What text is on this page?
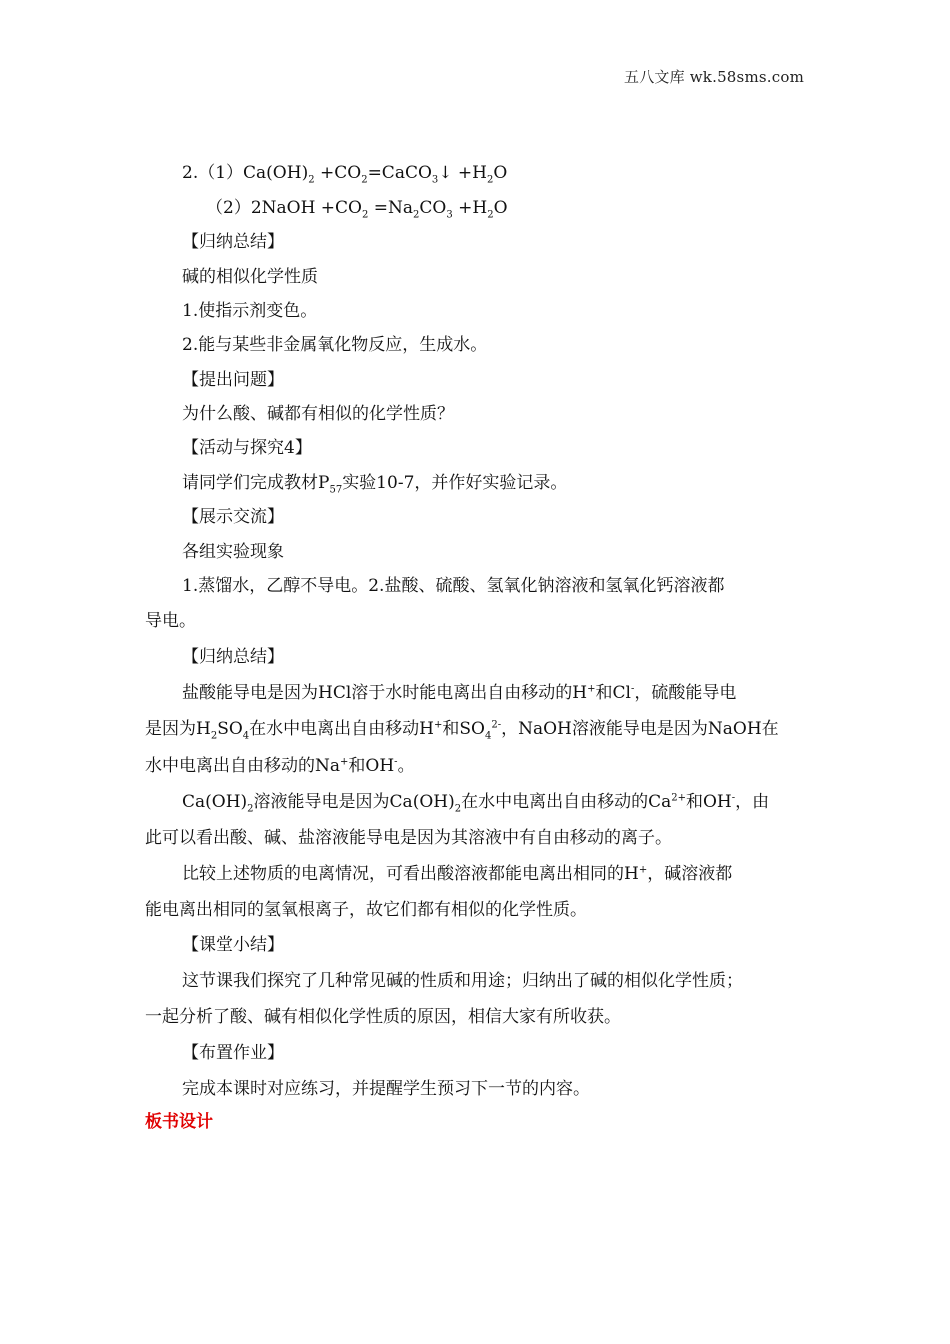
五八文库 wk.58sms.com
$2.(1)Ca(OH)_2$ $+CO_2=CaCO_3↓ +H_2O$
（2）2NaOH $+CO_2 =Na_2CO_3 +H_2O$
【归纳总结】
碱的相似化学性质
1.使指示剂变色。
2.能与某些非金属氧化物反应，生成水。
【提出问题】
为什么酸、碱都有相似的化学性质？
【活动与探究4】
请同学们完成教材$P_{57}$实验10-7，并作好实验记录。
【展示交流】
各组实验现象
1.蒸馏水，乙醇不导电。2.盐酸、硫酸、氢氧化钠溶液和氢氧化钙溶液都
导电。
【归纳总结】
盐酸能导电是因为HCl溶于水时能电离出自由移动的H+和Cl-，硫酸能导电
是因为$H_2SO_4$在水中电离出自由移动H+和$SO_4^{2-}$，NaOH溶液能导电是因为NaOH在
水中电离出自由移动的Na+和OH-。
$Ca(OH)_2$溶液能导电是因为$Ca(OH)_2$在水中电离出自由移动的$Ca^{2+}$和OH-，由
此可以看出酸、碱、盐溶液能导电是因为其溶液中有自由移动的离子。
比较上述物质的电离情况，可看出酸溶液都能电离出相同的H+，碱溶液都
能电离出相同的氢氧根离子，故它们都有相似的化学性质。
【课堂小结】
这节课我们探究了几种常见碱的性质和用途；归纳出了碱的相似化学性质；
一起分析了酸、碱有相似化学性质的原因，相信大家有所收获。
【布置作业】
完成本课时对应练习，并提醒学生预习下一节的内容。
板书设计
